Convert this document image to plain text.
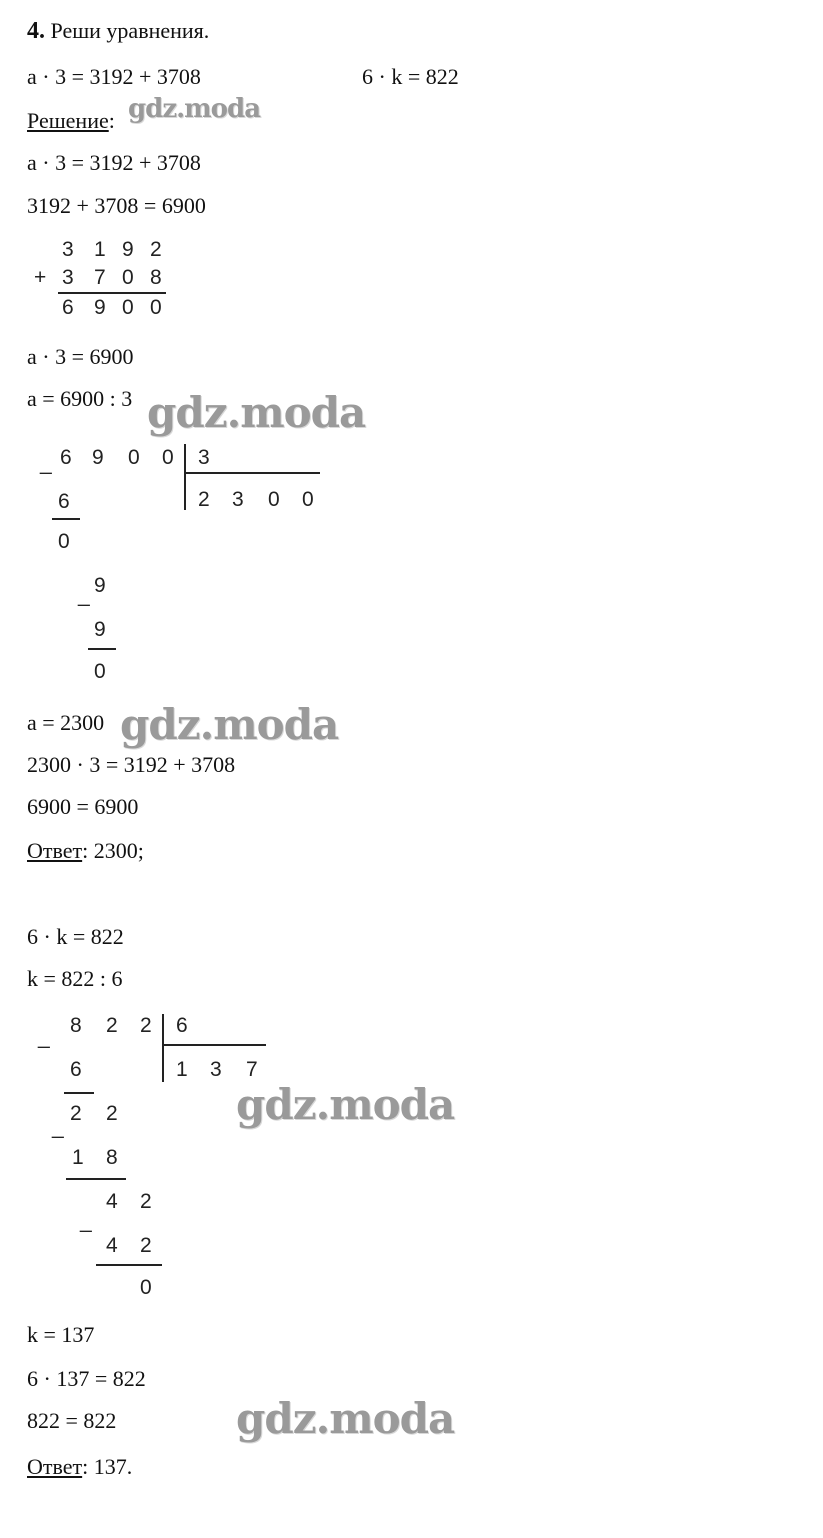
4. Реши уравнения.
a · 3 = 3192 + 3708	6 · k = 822
Решение:
a · 3 = 3192 + 3708
3192 + 3708 = 6900
3 1 9 2
+ 3 7 0 8
6 9 0 0
a · 3 = 6900
a = 6900 : 3
_ 6 9 0 0 3
2 3 0 0
6
0
_ 9
9
0
a = 2300
2300 · 3 = 3192 + 3708
6900 = 6900
Ответ: 2300;
6 · k = 822
k = 822 : 6
_
8 2 2 6
1 3 7
6
_
2 2
1 8
_
4 2
4 2
0
k = 137
6 · 137 = 822
822 = 822
Ответ: 137.
gdz.moda
gdz.moda
gdz.moda
gdz.moda
gdz.moda
